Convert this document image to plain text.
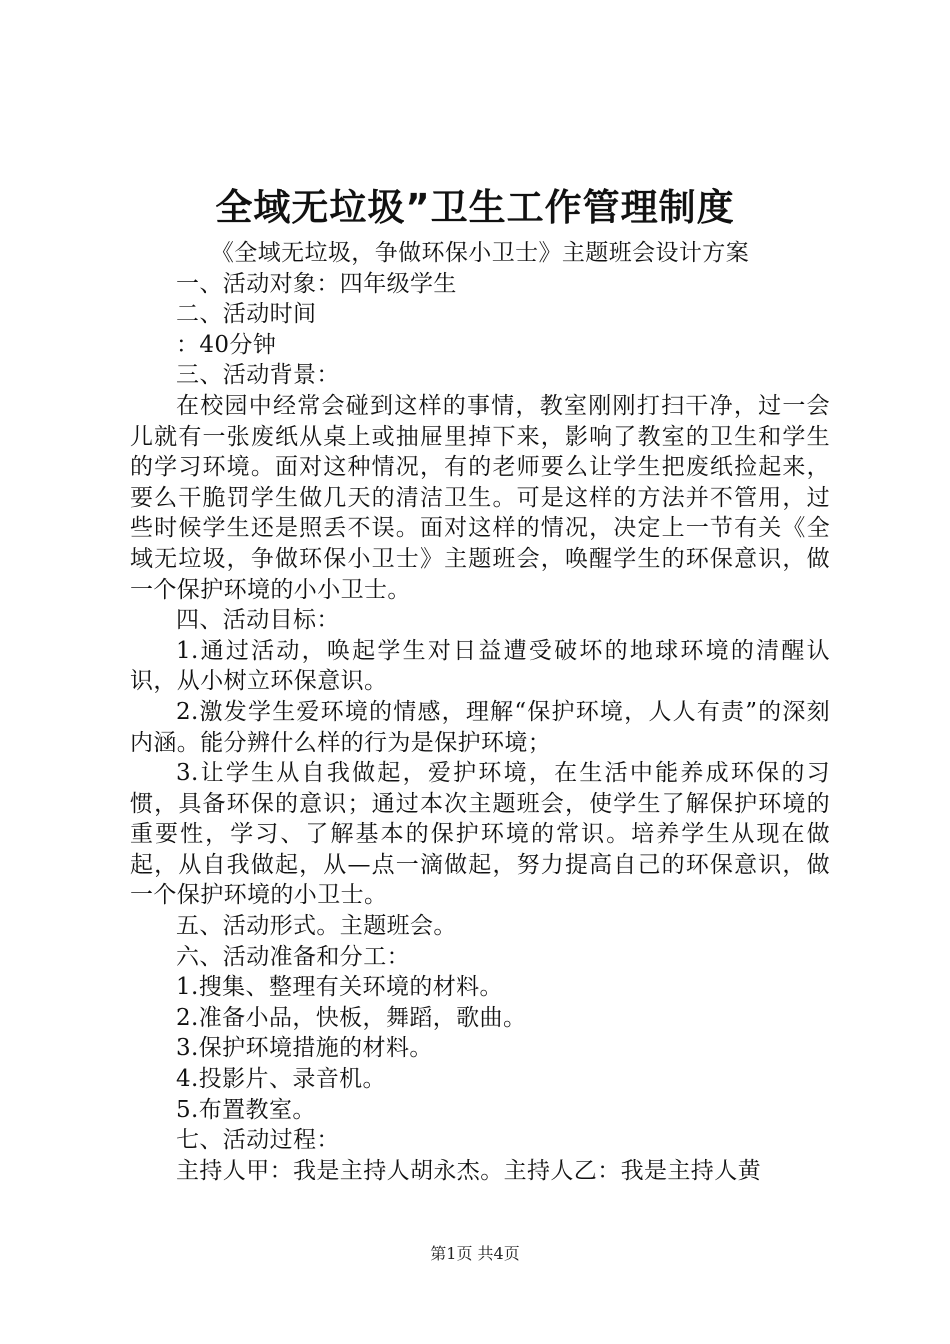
全域无垃圾”卫生工作管理制度

《全域无垃圾，争做环保小卫士》主题班会设计方案

一、活动对象：四年级学生

二、活动时间

：40分钟

三、活动背景：

在校园中经常会碰到这样的事情，教室刚刚打扫干净，过一会儿就有一张废纸从桌上或抽屉里掉下来，影响了教室的卫生和学生的学习环境。面对这种情况，有的老师要么让学生把废纸捡起来，要么干脆罚学生做几天的清洁卫生。可是这样的方法并不管用，过些时候学生还是照丢不误。面对这样的情况，决定上一节有关《全域无垃圾，争做环保小卫士》主题班会，唤醒学生的环保意识，做一个保护环境的小小卫士。

四、活动目标：

1.通过活动，唤起学生对日益遭受破坏的地球环境的清醒认识，从小树立环保意识。

2.激发学生爱环境的情感，理解“保护环境，人人有责”的深刻内涵。能分辨什么样的行为是保护环境；

3.让学生从自我做起，爱护环境，在生活中能养成环保的习惯，具备环保的意识；通过本次主题班会，使学生了解保护环境的重要性，学习、了解基本的保护环境的常识。培养学生从现在做起，从自我做起，从—点一滴做起，努力提高自己的环保意识，做一个保护环境的小卫士。

五、活动形式。主题班会。

六、活动准备和分工：

1.搜集、整理有关环境的材料。

2.准备小品，快板，舞蹈，歌曲。

3.保护环境措施的材料。

4.投影片、录音机。

5.布置教室。

七、活动过程：

主持人甲：我是主持人胡永杰。主持人乙：我是主持人黄

第1页 共4页
